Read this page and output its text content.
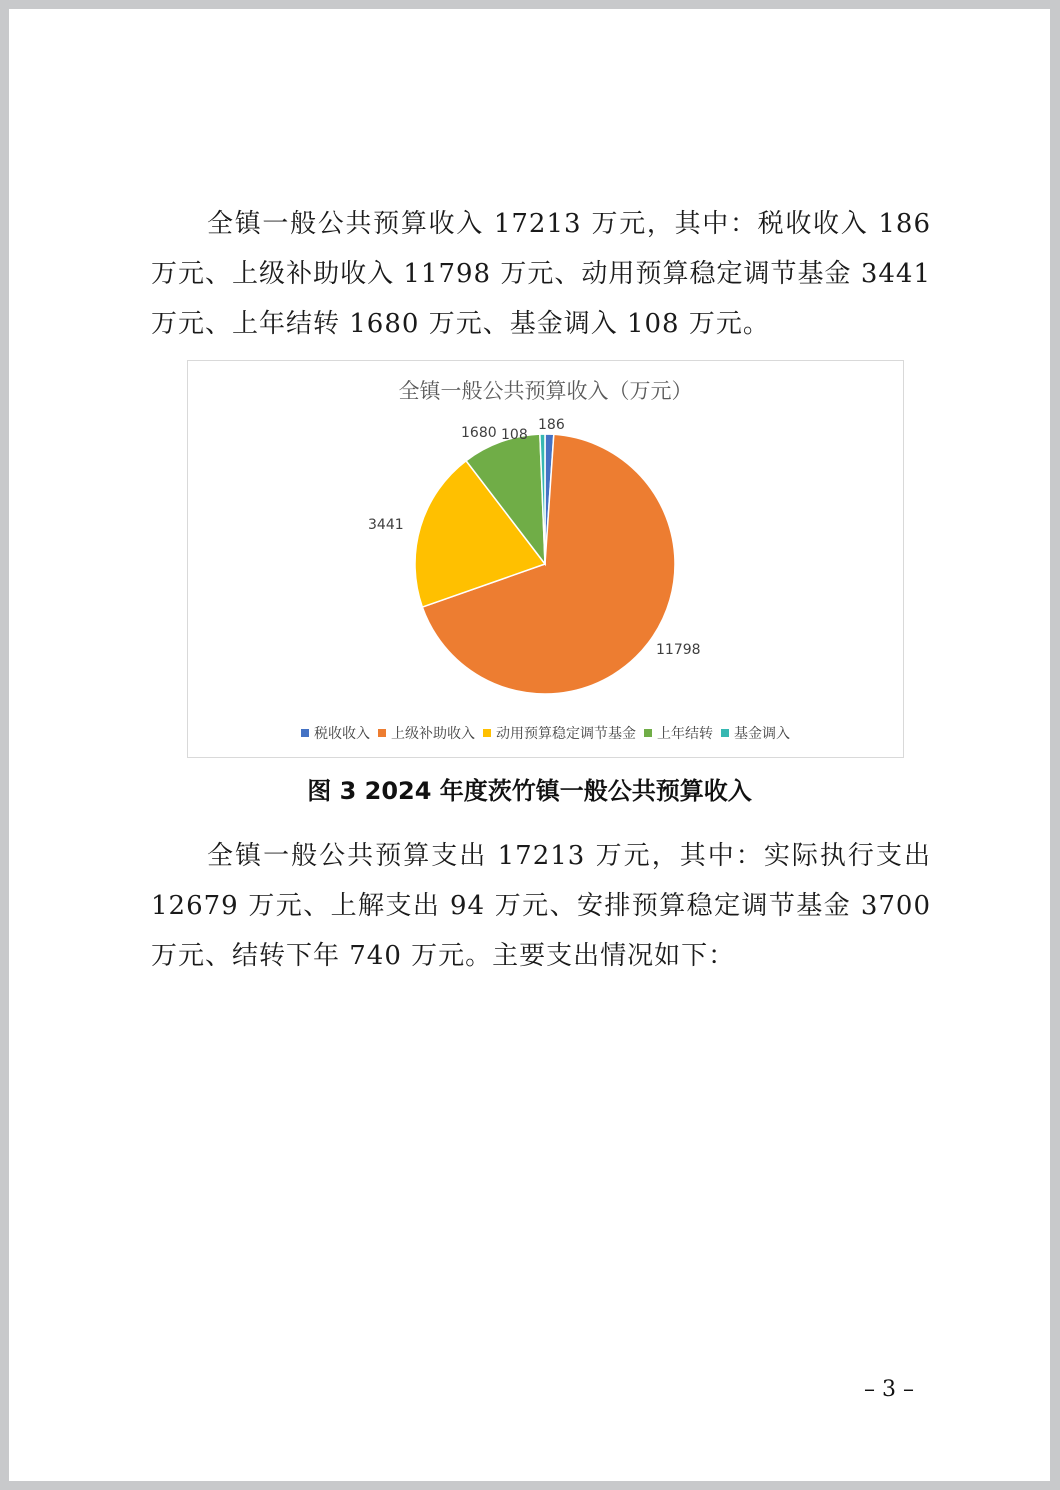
全镇一般公共预算收入 17213 万元，其中：税收收入 186 万元、上级补助收入 11798 万元、动用预算稳定调节基金 3441 万元、上年结转 1680 万元、基金调入 108 万元。

全镇一般公共预算收入（万元）
186
11798
3441
1680 108
税收收入 上级补助收入 动用预算稳定调节基金 上年结转 基金调入
图 3 2024 年度茨竹镇一般公共预算收入

全镇一般公共预算支出 17213 万元，其中：实际执行支出 12679 万元、上解支出 94 万元、安排预算稳定调节基金 3700 万元、结转下年 740 万元。主要支出情况如下：

– 3 –
